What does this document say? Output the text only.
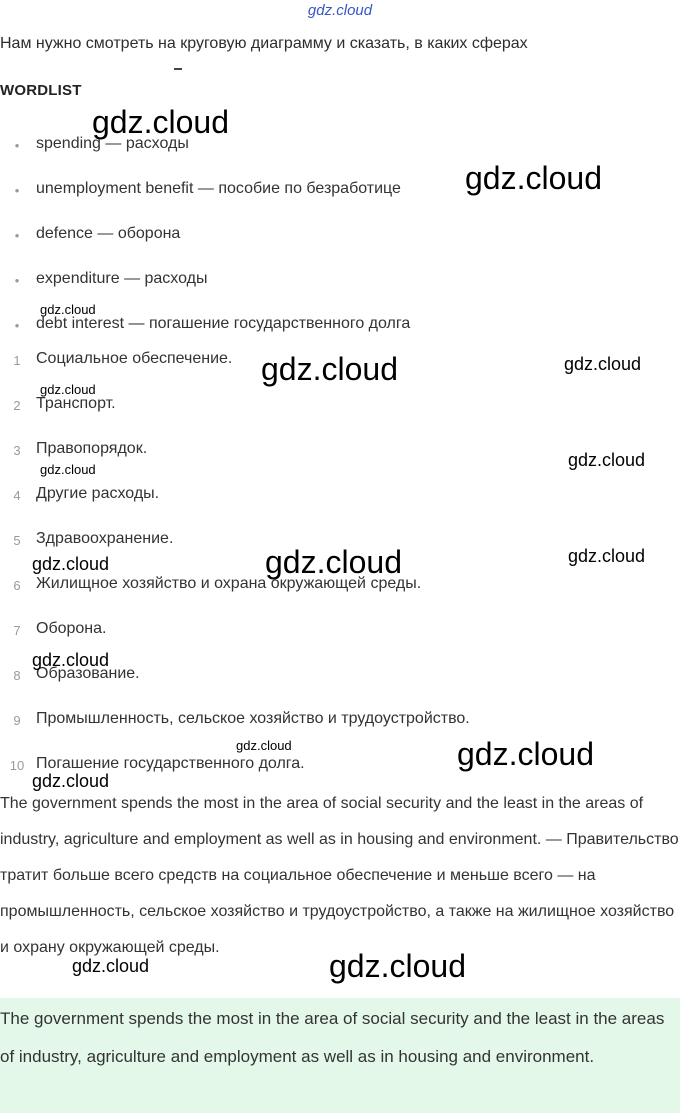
gdz.cloud
Нам нужно смотреть на круговую диаграмму и сказать, в каких сферах
WORDLIST
•	spending — расходы
•	unemployment benefit — пособие по безработице
•	defence — оборона
•	expenditure — расходы
•	debt interest — погашение государственного долга
1 Социальное обеспечение.
2 Транспорт.
3 Правопорядок.
4 Другие расходы.
5 Здравоохранение.
6 Жилищное хозяйство и охрана окружающей среды.
7 Оборона.
8 Образование.
9 Промышленность, сельское хозяйство и трудоустройство.
10 Погашение государственного долга.
The government spends the most in the area of social security and the least in the areas of industry, agriculture and employment as well as in housing and environment. — Правительство тратит больше всего средств на социальное обеспечение и меньше всего — на промышленность, сельское хозяйство и трудоустройство, а также на жилищное хозяйство и охрану окружающей среды.
The government spends the most in the area of social security and the least in the areas of industry, agriculture and employment as well as in housing and environment.
gdz.cloud
gdz.cloud
gdz.cloud
gdz.cloud	gdz.cloud
gdz.cloud
gdz.cloud
gdz.cloud
gdz.cloud	gdz.cloud
gdz.cloud
gdz.cloud
gdz.cloud	gdz.cloud
gdz.cloud
gdz.cloud	gdz.cloud
